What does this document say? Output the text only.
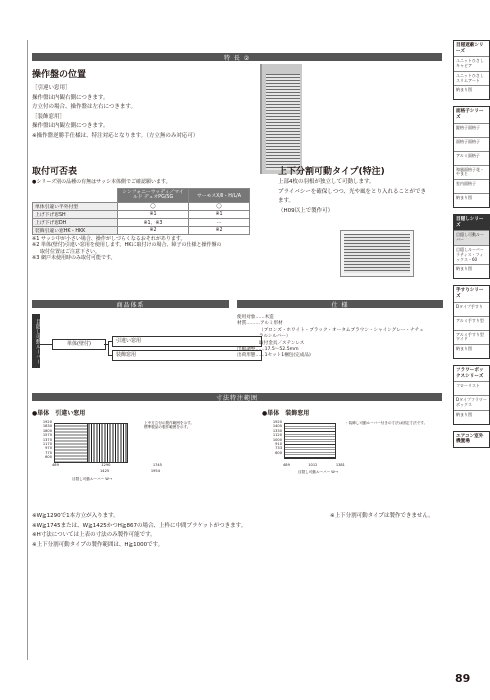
特 長 ②
操作盤の位置
［引違い窓用］
操作盤は内観右側につきます。
方立付の場合、操作盤は左右につきます。
［装飾窓用］
操作盤は内観左側につきます。
※操作盤逆勝手仕様は、特注対応となります。（方立無のみ対応可）
取付可否表
●シリーズ別の品種の有無はサッシ本体側でご確認願います。
	シンフォニーウッディ／マイルド デュオPG/SG	サーモスX/Ⅱ・H/L/A
単体引違い半外付型	◯	◯
上げ下げ窓SH	※1	※1
上げ下げ窓DH	※1、※3	ー
装飾引違い窓HK・HKK	※2	※2
※1 サッシ中が小さい場合、操作がしづらくなるおそれがあります。
※2 単体(壁付)引違い窓用を使用します。HKに取付けの場合、障子の仕様と操作盤の
取付位置はご注意下さい。
※3 網戸未使用時のみ取付可能です。
上下分割可動タイプ(特注)
上部4枚の羽根が独立して可動します。
プライバシーを確保しつつ、光や風をとり入れることができ
ます。
（H09以上で製作可）
商品体系	仕 様
目隠し可動ルーバー	単体(壁付)	引違い窓用
装飾窓用
使用対象……木造
材質………アルミ形材
（ブロンズ・ホワイト・ブラック・オータムブラウン・シャイングレー・ナチュ
ラルシルバー）
取付金具／ステンレス
出幅調整……17.5〜52.5mm
出荷形態……1セット1梱包(完成品)
寸法特注範囲
●単体　引違い窓用
1920
1830
1800
1570
1370
1170
970
770
600
489	1290	1745
1425	1954
目隠し可動ルーバー W→
上中方立付の製作範囲を示す。
標準製品の製作範囲を示す。
●単体　装飾窓用
1920
1400
1330
1120
1000
910
733
600
489	1012	1381
目隠し可動ルーバー W→
・装飾し可動ルーバー付きの寸法は固定寸法です。
※W≧1290で1本方立が入ります。
※W≧1745または、W≧1425かつH≧867の場合、上枠に中間ブラケットがつきます。
※H寸法については上表の寸法のみ製作可能です。
※上下分割可動タイプの製作範囲は、H≧1000です。
※上下分割可動タイプは製作できません。
目隠遮蔽シリーズ
ユニットひさしキャピア
ユニットひさしスリムアート
納まり図
面格子シリーズ
縦格子面格子
面格子面格子
アルミ面格子
和風面格子花・やまと
室内面格子
納まり図
目隠しシリーズ
目隠し可動ルーバー
目隠しルーバーラティス・フィックス・60
納まり図
手すりシリーズ
Dタイプ手すり
アルミ手すり型
アルミ手すり型ワイド
納まり図
フラワーボックスシリーズ
フローリスト
Dタイプフラワーボックス
納まり図
エアコン室外機置場
89
